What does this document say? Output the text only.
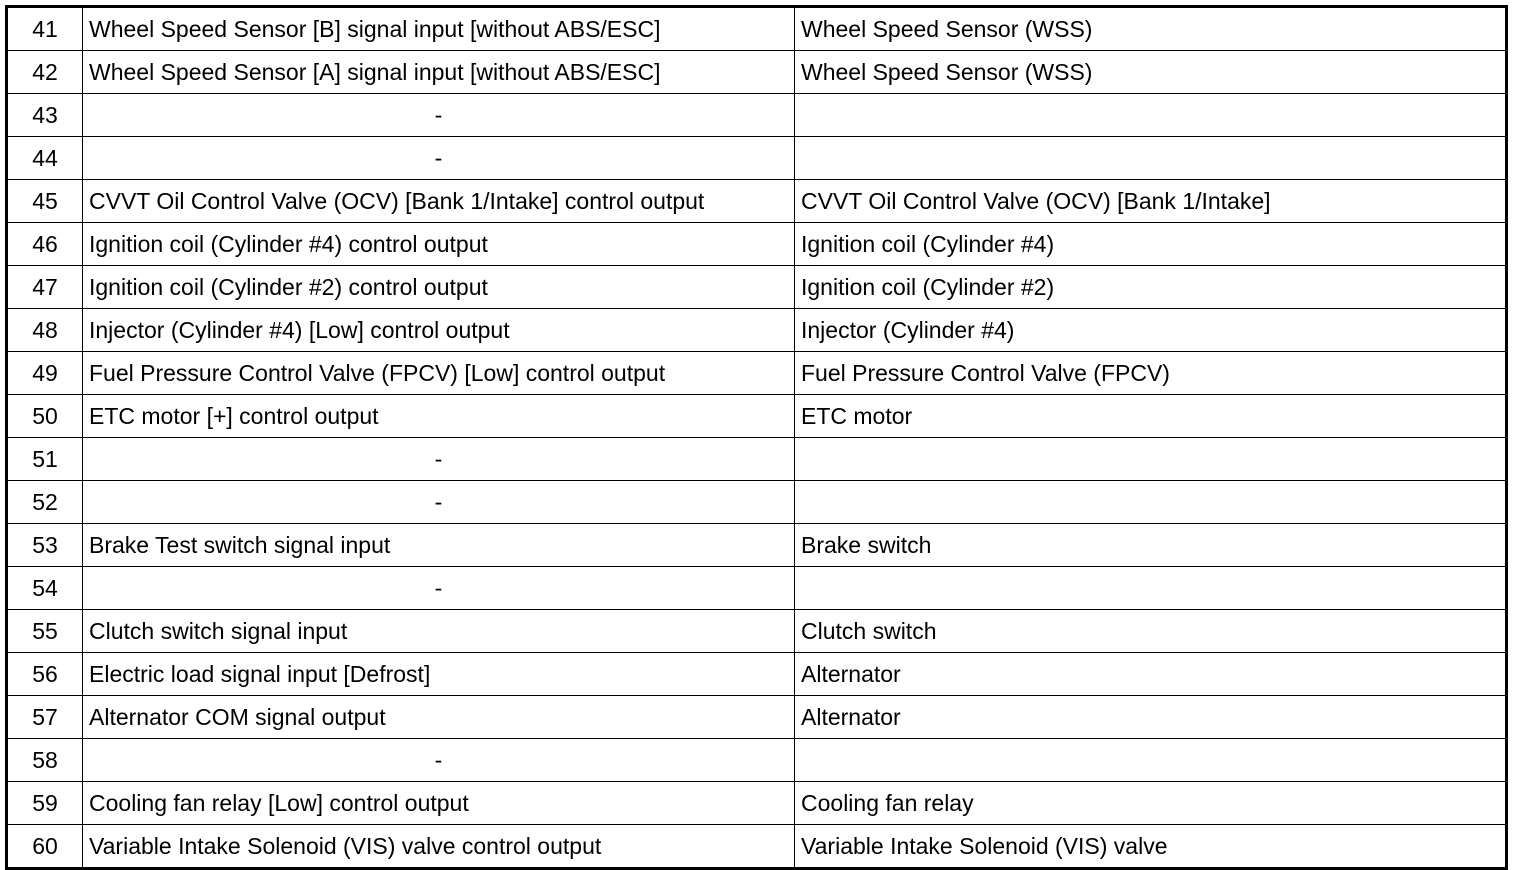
41	Wheel Speed Sensor [B] signal input [without ABS/ESC]	Wheel Speed Sensor (WSS)
42	Wheel Speed Sensor [A] signal input [without ABS/ESC]	Wheel Speed Sensor (WSS)
43	-	
44	-	
45	CVVT Oil Control Valve (OCV) [Bank 1/Intake] control output	CVVT Oil Control Valve (OCV) [Bank 1/Intake]
46	Ignition coil (Cylinder #4) control output	Ignition coil (Cylinder #4)
47	Ignition coil (Cylinder #2) control output	Ignition coil (Cylinder #2)
48	Injector (Cylinder #4) [Low] control output	Injector (Cylinder #4)
49	Fuel Pressure Control Valve (FPCV) [Low] control output	Fuel Pressure Control Valve (FPCV)
50	ETC motor [+] control output	ETC motor
51	-	
52	-	
53	Brake Test switch signal input	Brake switch
54	-	
55	Clutch switch signal input	Clutch switch
56	Electric load signal input [Defrost]	Alternator
57	Alternator COM signal output	Alternator
58	-	
59	Cooling fan relay [Low] control output	Cooling fan relay
60	Variable Intake Solenoid (VIS) valve control output	Variable Intake Solenoid (VIS) valve
